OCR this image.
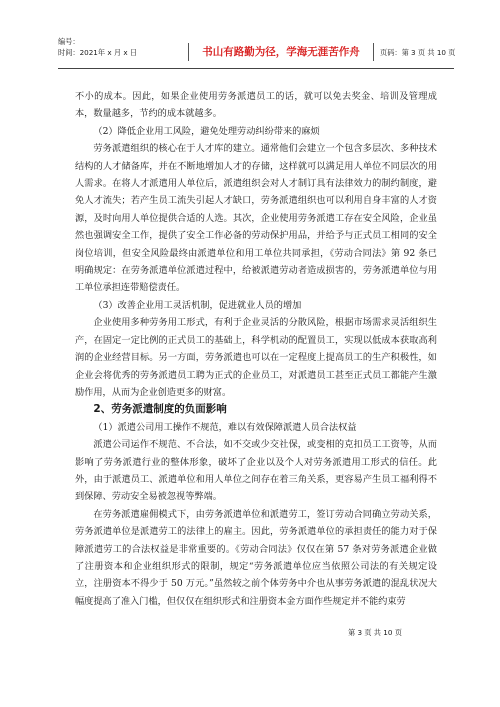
编号：
时间：2021年 x 月 x 日	书山有路勤为径，学海无涯苦作舟	页码：第 3 页 共 10 页

不小的成本。因此，如果企业使用劳务派遣员工的话，就可以免去奖金、培训及管理成本，数量越多，节约的成本就越多。

（2）降低企业用工风险，避免处理劳动纠纷带来的麻烦

劳务派遣组织的核心在于人才库的建立。通常他们会建立一个包含多层次、多种技术结构的人才储备库，并在不断地增加人才的存储，这样就可以满足用人单位不同层次的用人需求。在将人才派遣用人单位后，派遣组织会对人才制订具有法律效力的制约制度，避免人才流失；若产生员工流失引起人才缺口，劳务派遣组织也可以利用自身丰富的人才资源，及时向用人单位提供合适的人选。其次，企业使用劳务派遣工存在安全风险，企业虽然也强调安全工作，提供了安全工作必备的劳动保护用品，并给予与正式员工相同的安全岗位培训，但安全风险最终由派遣单位和用工单位共同承担，《劳动合同法》第 92 条已明确规定：在劳务派遣单位派遣过程中，给被派遣劳动者造成损害的，劳务派遣单位与用工单位承担连带赔偿责任。

（3）改善企业用工灵活机制，促进就业人员的增加

企业使用多种劳务用工形式，有利于企业灵活的分散风险，根据市场需求灵活组织生产，在固定一定比例的正式员工的基础上，科学机动的配置员工，实现以低成本获取高利润的企业经营目标。另一方面，劳务派遣也可以在一定程度上提高员工的生产积极性，如企业会将优秀的劳务派遣员工聘为正式的企业员工，对派遣员工甚至正式员工都能产生激励作用，从而为企业创造更多的财富。

2、劳务派遣制度的负面影响

（1）派遣公司用工操作不规范，难以有效保障派遣人员合法权益

派遣公司运作不规范、不合法，如不交或少交社保，或变相的克扣员工工资等，从而影响了劳务派遣行业的整体形象，破坏了企业以及个人对劳务派遣用工形式的信任。此外，由于派遣员工、派遣单位和用人单位之间存在着三角关系，更容易产生员工福利得不到保障、劳动安全易被忽视等弊端。

在劳务派遣雇佣模式下，由劳务派遣单位和派遣劳工，签订劳动合同确立劳动关系，劳务派遣单位是派遣劳工的法律上的雇主。因此，劳务派遣单位的承担责任的能力对于保障派遣劳工的合法权益是非常重要的。《劳动合同法》仅仅在第 57 条对劳务派遣企业做了注册资本和企业组织形式的限制，规定“劳务派遣单位应当依照公司法的有关规定设立，注册资本不得少于 50 万元。”虽然较之前个体劳务中介也从事劳务派遣的混乱状况大幅度提高了准入门槛，但仅仅在组织形式和注册资本金方面作些规定并不能约束劳

第 3 页 共 10 页
